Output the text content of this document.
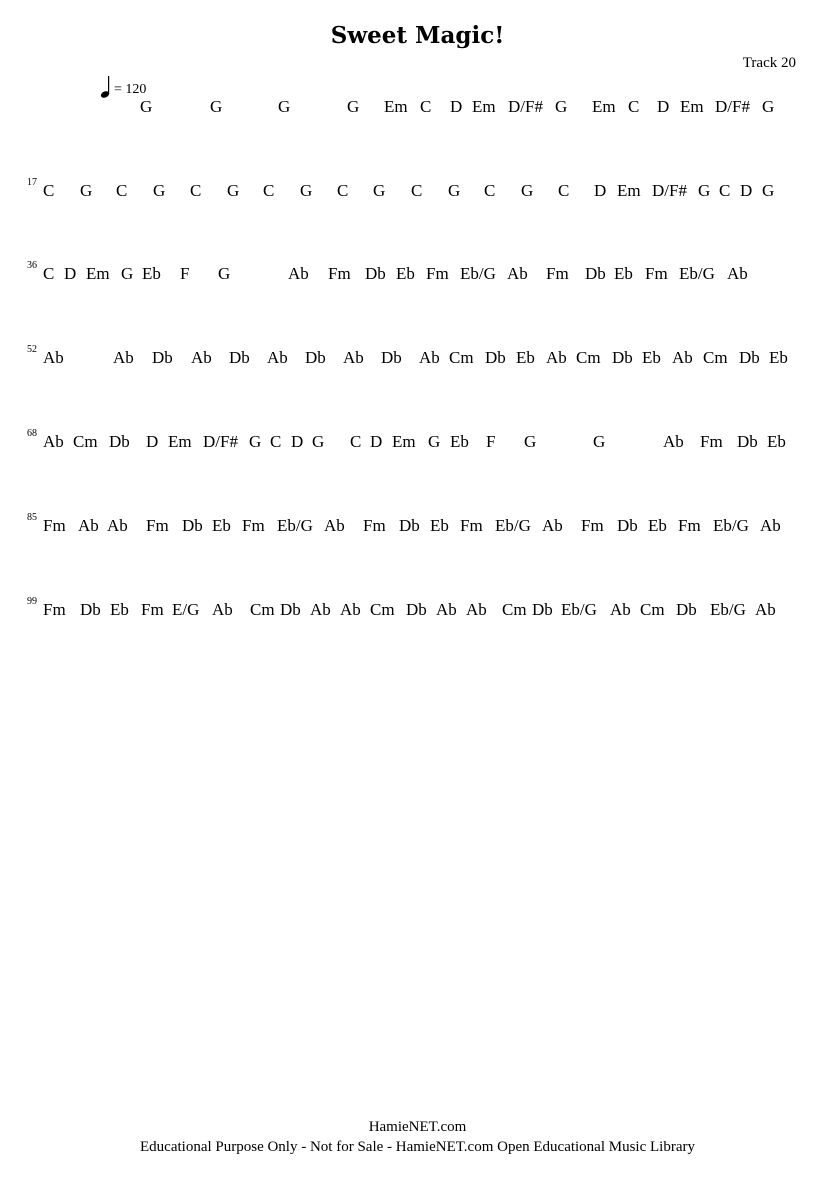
Sweet Magic!
Track 20
= 120
G	G	G	G Em C D Em D/F# G Em C D Em D/F# G
17 C G C G C G C G C G C G C G C D Em D/F# G C D G
36 C D Em G Eb F G	Ab Fm Db Eb Fm Eb/G Ab Fm Db Eb Fm Eb/G Ab
52 Ab	Ab Db Ab Db Ab Db Ab Db Ab Cm Db Eb Ab Cm Db Eb Ab Cm Db Eb
68 Ab Cm Db D Em D/F# G C D G C D Em G Eb F G	G	Ab Fm Db Eb
85 Fm Ab Ab Fm Db Eb Fm Eb/G Ab Fm Db Eb Fm Eb/G Ab Fm Db Eb Fm Eb/G Ab
99 Fm Db Eb Fm E/G Ab Cm Db Ab Ab Cm Db Ab Ab Cm Db Eb/G Ab Cm Db Eb/G Ab
HamieNET.com
Educational Purpose Only - Not for Sale - HamieNET.com Open Educational Music Library
